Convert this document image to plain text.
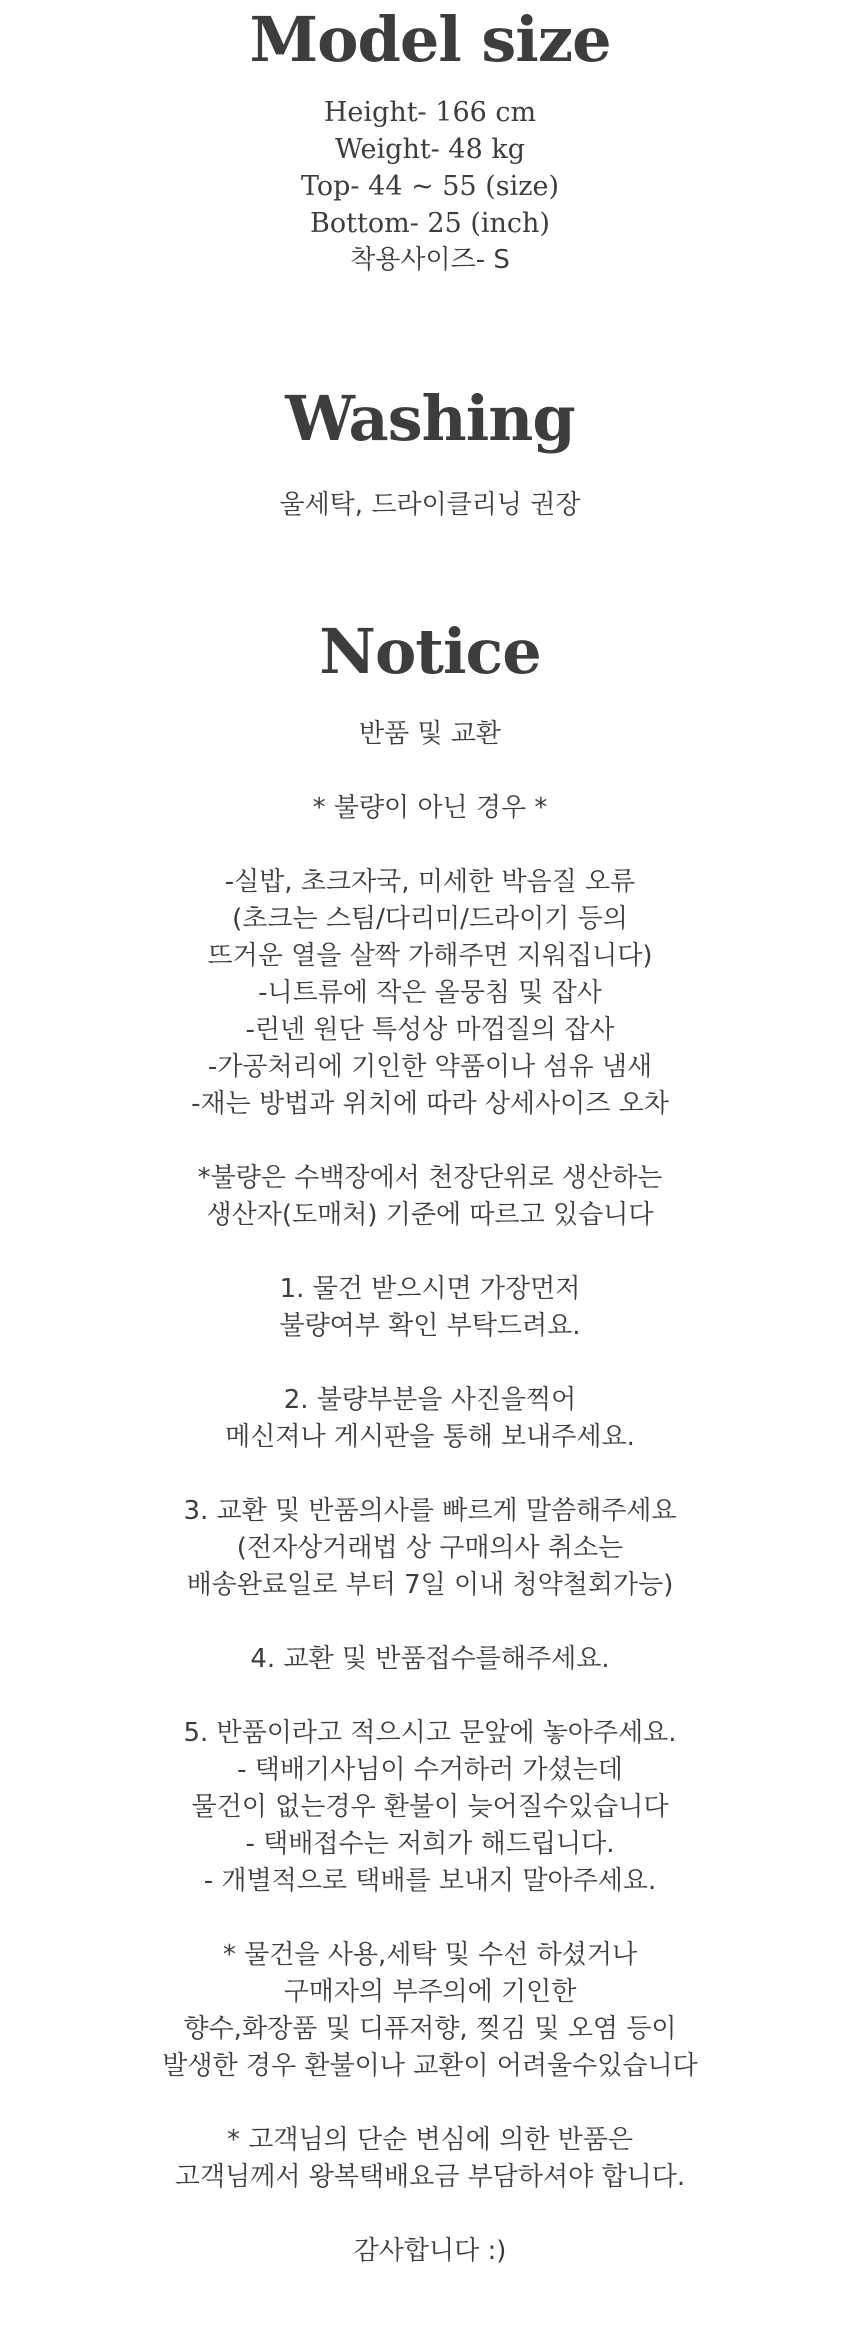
Model size
Height- 166 cm
Weight- 48 kg
Top- 44 ~ 55 (size)
Bottom- 25 (inch)
착용사이즈- S
Washing
울세탁, 드라이클리닝 권장
Notice
반품 및 교환
* 불량이 아닌 경우 *
-실밥, 초크자국, 미세한 박음질 오류
(초크는 스팀/다리미/드라이기 등의
뜨거운 열을 살짝 가해주면 지워집니다)
-니트류에 작은 올뭉침 및 잡사
-린넨 원단 특성상 마껍질의 잡사
-가공처리에 기인한 약품이나 섬유 냄새
-재는 방법과 위치에 따라 상세사이즈 오차
*불량은 수백장에서 천장단위로 생산하는
생산자(도매처) 기준에 따르고 있습니다
1. 물건 받으시면 가장먼저
불량여부 확인 부탁드려요.
2. 불량부분을 사진을찍어
메신져나 게시판을 통해 보내주세요.
3. 교환 및 반품의사를 빠르게 말씀해주세요
(전자상거래법 상 구매의사 취소는
배송완료일로 부터 7일 이내 청약철회가능)
4. 교환 및 반품접수를해주세요.
5. 반품이라고 적으시고 문앞에 놓아주세요.
- 택배기사님이 수거하러 가셨는데
물건이 없는경우 환불이 늦어질수있습니다
- 택배접수는 저희가 해드립니다.
- 개별적으로 택배를 보내지 말아주세요.
* 물건을 사용,세탁 및 수선 하셨거나
구매자의 부주의에 기인한
향수,화장품 및 디퓨저향, 찢김 및 오염 등이
발생한 경우 환불이나 교환이 어려울수있습니다
* 고객님의 단순 변심에 의한 반품은
고객님께서 왕복택배요금 부담하셔야 합니다.
감사합니다 :)
